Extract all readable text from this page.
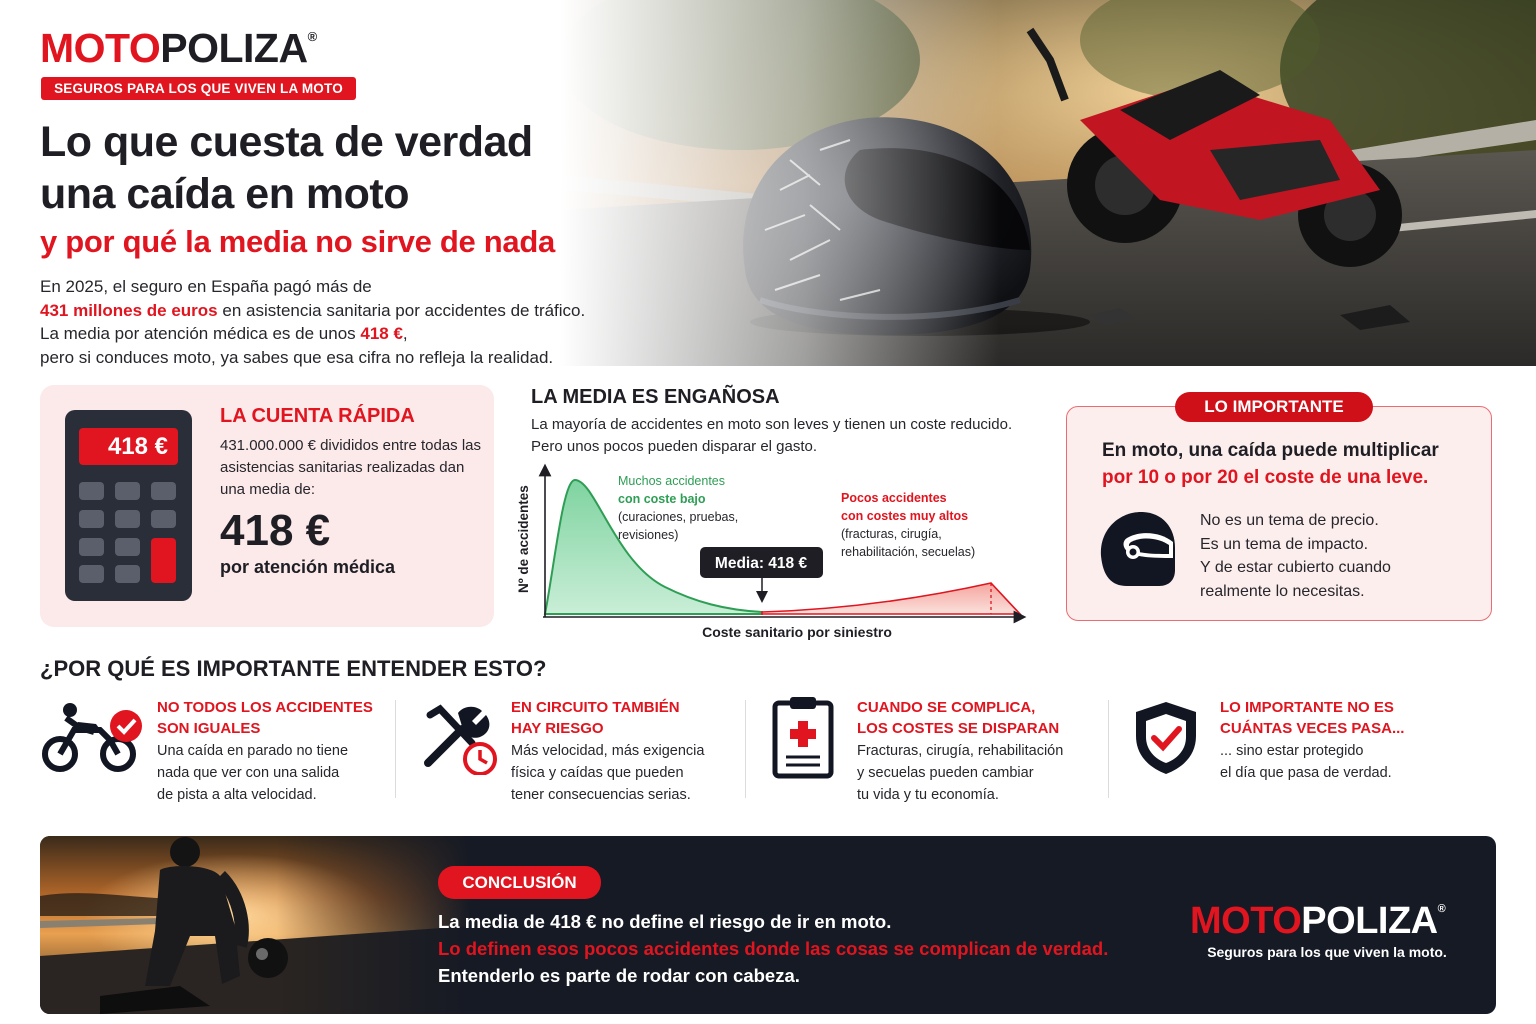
MOTOPOLIZA®
SEGUROS PARA LOS QUE VIVEN LA MOTO
Lo que cuesta de verdad
una caída en moto
y por qué la media no sirve de nada
En 2025, el seguro en España pagó más de
431 millones de euros en asistencia sanitaria por accidentes de tráfico.
La media por atención médica es de unos 418 €,
pero si conduces moto, ya sabes que esa cifra no refleja la realidad.
418 €
LA CUENTA RÁPIDA
431.000.000 € divididos entre todas las asistencias sanitarias realizadas dan una media de:
418 €
por atención médica
LA MEDIA ES ENGAÑOSA
La mayoría de accidentes en moto son leves y tienen un coste reducido.
Pero unos pocos pueden disparar el gasto.
Media: 418 €
Nº de accidentes
Coste sanitario por siniestro
Muchos accidentes con coste bajo (curaciones, pruebas, revisiones)
Pocos accidentes con costes muy altos (fracturas, cirugía, rehabilitación, secuelas)
LO IMPORTANTE
En moto, una caída puede multiplicar
por 10 o por 20 el coste de una leve.
No es un tema de precio.
Es un tema de impacto.
Y de estar cubierto cuando
realmente lo necesitas.
¿POR QUÉ ES IMPORTANTE ENTENDER ESTO?
NO TODOS LOS ACCIDENTES
SON IGUALES
Una caída en parado no tiene
nada que ver con una salida
de pista a alta velocidad.
EN CIRCUITO TAMBIÉN
HAY RIESGO
Más velocidad, más exigencia
física y caídas que pueden
tener consecuencias serias.
CUANDO SE COMPLICA,
LOS COSTES SE DISPARAN
Fracturas, cirugía, rehabilitación
y secuelas pueden cambiar
tu vida y tu economía.
LO IMPORTANTE NO ES
CUÁNTAS VECES PASA...
... sino estar protegido
el día que pasa de verdad.
CONCLUSIÓN
La media de 418 € no define el riesgo de ir en moto.
Lo definen esos pocos accidentes donde las cosas se complican de verdad.
Entenderlo es parte de rodar con cabeza.
MOTOPOLIZA®
Seguros para los que viven la moto.
